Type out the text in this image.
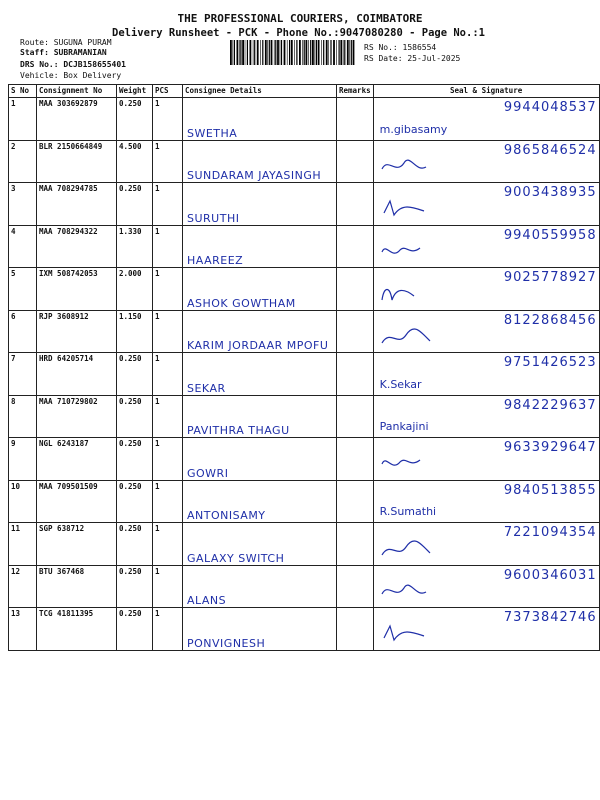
THE PROFESSIONAL COURIERS, COIMBATORE
Delivery Runsheet - PCK - Phone No.:9047080280 - Page No.:1
Route: SUGUNA PURAM
Staff: SUBRAMANIAN
DRS No.: DCJB158655401
Vehicle: Box Delivery
RS No.: 1586554
RS Date: 25-Jul-2025
S No	Consignment No	Weight	PCS	Consignee Details	Remarks	Seal & Signature
1	MAA 303692879	0.250	1	SWETHA		9944048537
m.gibasamy

2	BLR 2150664849	4.500	1	SUNDARAM JAYASINGH		9865846524

3	MAA 708294785	0.250	1	SURUTHI		9003438935

4	MAA 708294322	1.330	1	HAAREEZ		9940559958

5	IXM 508742053	2.000	1	ASHOK GOWTHAM		9025778927

6	RJP 3608912	1.150	1	KARIM JORDAAR MPOFU		8122868456

7	HRD 64205714	0.250	1	SEKAR		9751426523
K.Sekar

8	MAA 710729802	0.250	1	PAVITHRA THAGU		9842229637
Pankajini

9	NGL 6243187	0.250	1	GOWRI		9633929647

10	MAA 709501509	0.250	1	ANTONISAMY		9840513855
R.Sumathi

11	SGP 638712	0.250	1	GALAXY SWITCH		7221094354

12	BTU 367468	0.250	1	ALANS		9600346031

13	TCG 41811395	0.250	1	PONVIGNESH		7373842746
